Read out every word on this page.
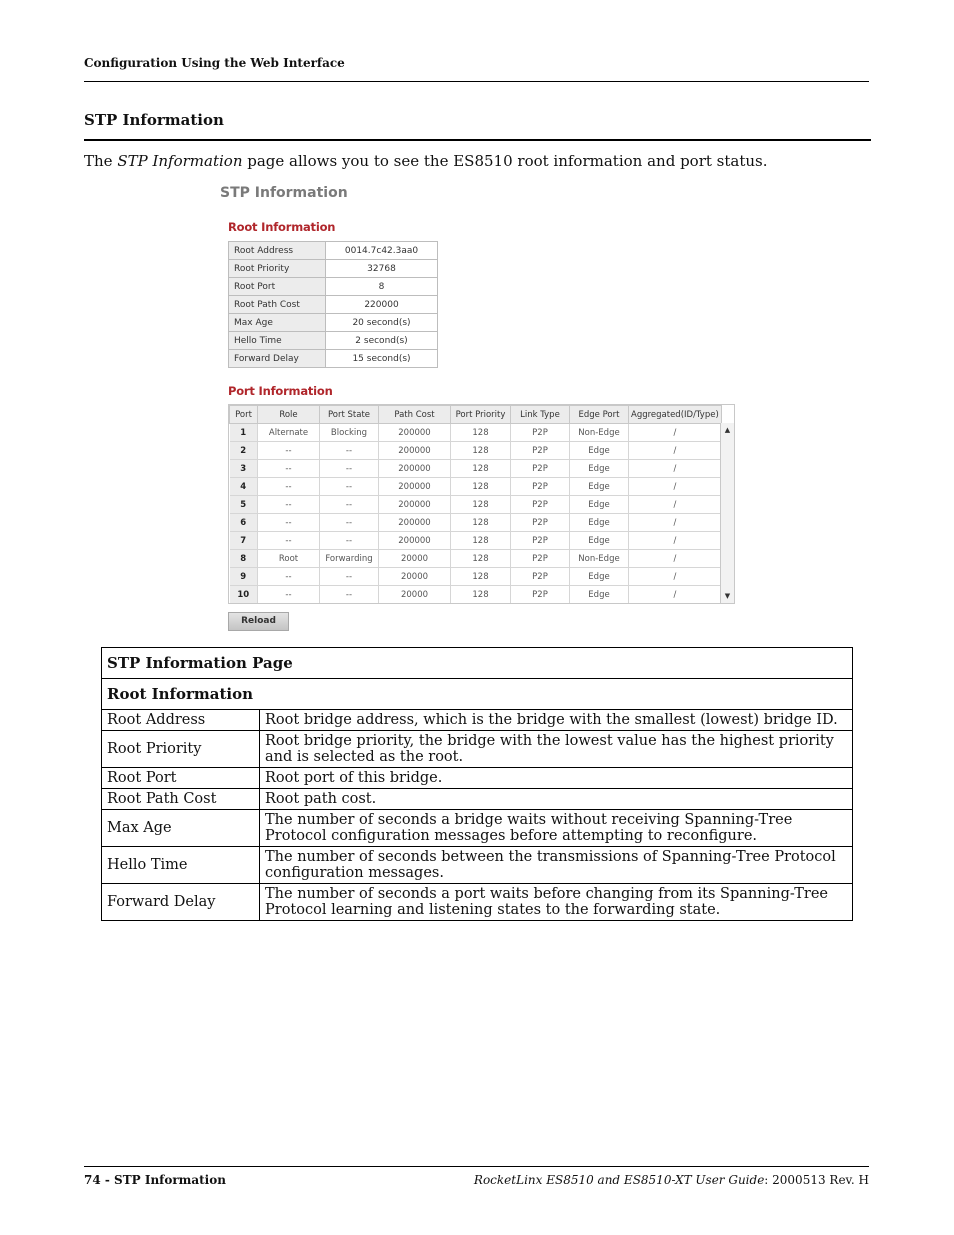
Configuration Using the Web Interface
STP Information
The STP Information page allows you to see the ES8510 root information and port status.
STP Information
Root Information
Root Address	0014.7c42.3aa0
Root Priority	32768
Root Port	8
Root Path Cost	220000
Max Age	20 second(s)
Hello Time	2 second(s)
Forward Delay	15 second(s)
Port Information
Port	Role	Port State	Path Cost	Port Priority	Link Type	Edge Port	Aggregated(ID/Type)
1	Alternate	Blocking	200000	128	P2P	Non-Edge	/
2	--	--	200000	128	P2P	Edge	/
3	--	--	200000	128	P2P	Edge	/
4	--	--	200000	128	P2P	Edge	/
5	--	--	200000	128	P2P	Edge	/
6	--	--	200000	128	P2P	Edge	/
7	--	--	200000	128	P2P	Edge	/
8	Root	Forwarding	20000	128	P2P	Non-Edge	/
9	--	--	20000	128	P2P	Edge	/
10	--	--	20000	128	P2P	Edge	/
▲
▼
Reload
STP Information Page	
Root Information	
Root Address	Root bridge address, which is the bridge with the smallest (lowest) bridge ID.
Root Priority	Root bridge priority, the bridge with the lowest value has the highest priority and is selected as the root.
Root Port	Root port of this bridge.
Root Path Cost	Root path cost.
Max Age	The number of seconds a bridge waits without receiving Spanning-Tree Protocol configuration messages before attempting to reconfigure.
Hello Time	The number of seconds between the transmissions of Spanning-Tree Protocol configuration messages.
Forward Delay	The number of seconds a port waits before changing from its Spanning-Tree Protocol learning and listening states to the forwarding state.
74 - STP Information	RocketLinx ES8510 and ES8510-XT User Guide: 2000513 Rev. H
